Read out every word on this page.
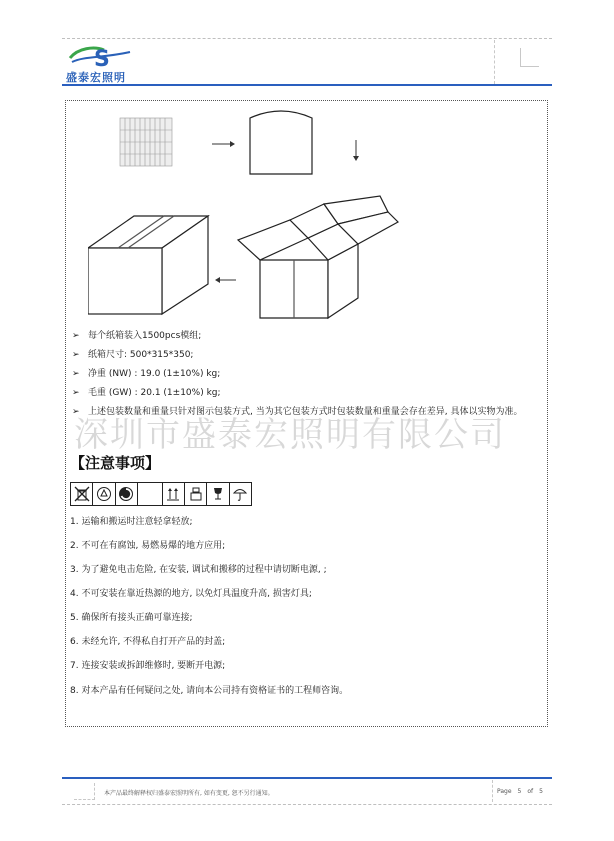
S
盛泰宏照明
➢ 每个纸箱装入1500pcs模组;
➢ 纸箱尺寸: 500*315*350;
➢ 净重 (NW) : 19.0 (1±10%) kg;
➢ 毛重 (GW) : 20.1 (1±10%) kg;
➢ 上述包装数量和重量只针对图示包装方式, 当为其它包装方式时包装数量和重量会存在差异, 具体以实物为准。
深圳市盛泰宏照明有限公司
【注意事项】
1. 运输和搬运时注意轻拿轻放;
2. 不可在有腐蚀, 易燃易爆的地方应用;
3. 为了避免电击危险, 在安装, 调试和搬移的过程中请切断电源, ;
4. 不可安装在靠近热源的地方, 以免灯具温度升高, 损害灯具;
5. 确保所有接头正确可靠连接;
6. 未经允许, 不得私自打开产品的封盖;
7. 连接安装或拆卸维修时, 要断开电源;
8. 对本产品有任何疑问之处, 请向本公司持有资格证书的工程师咨询。
本产品最终解释权归盛泰宏照明所有, 如有变更, 恕不另行通知。	Page 5 of 5
